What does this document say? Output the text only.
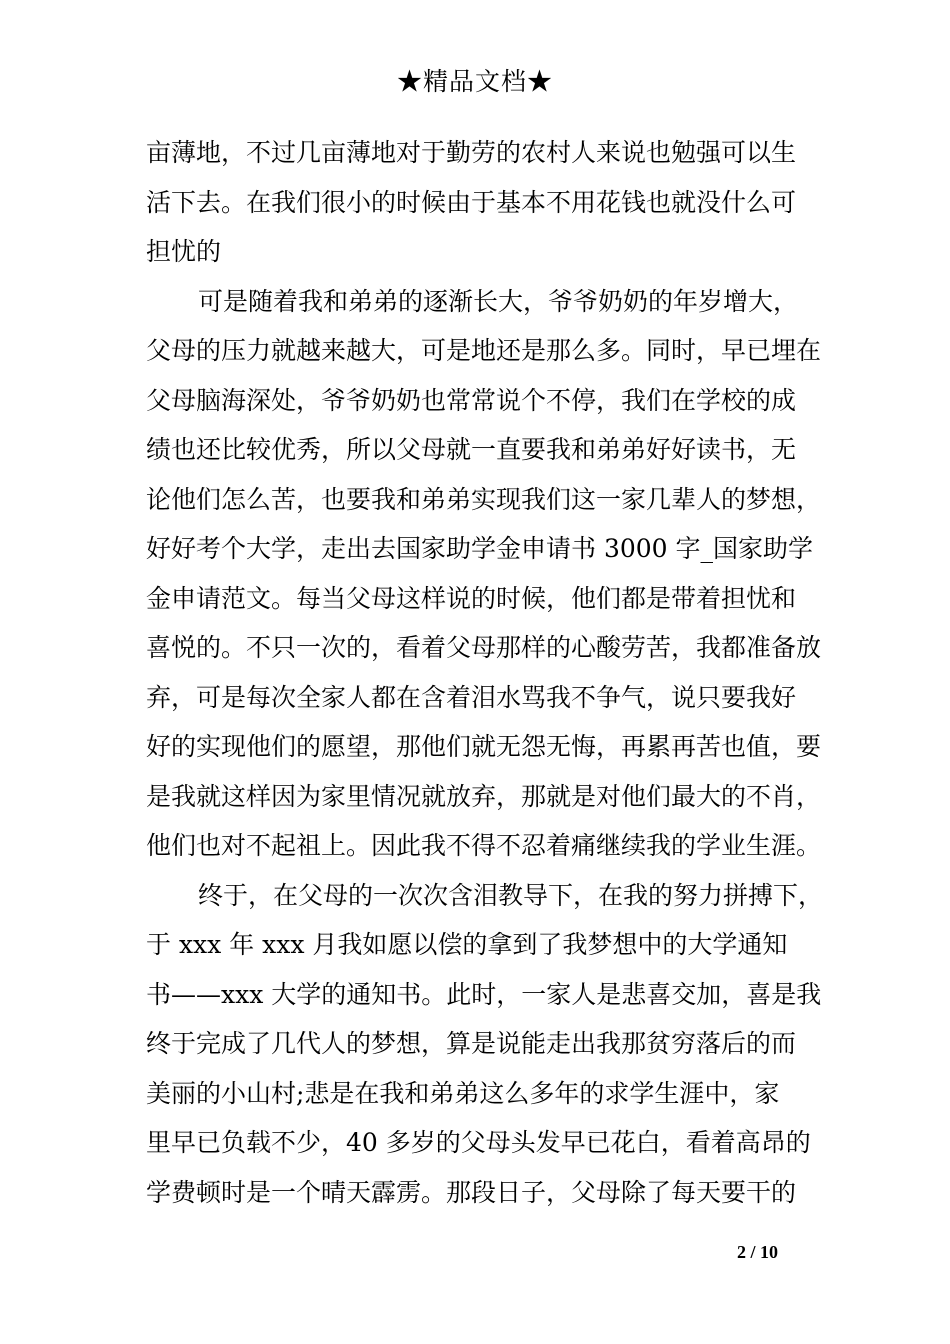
★精品文档★
亩薄地，不过几亩薄地对于勤劳的农村人来说也勉强可以生
活下去。在我们很小的时候由于基本不用花钱也就没什么可
担忧的
可是随着我和弟弟的逐渐长大，爷爷奶奶的年岁增大，
父母的压力就越来越大，可是地还是那么多。同时，早已埋在
父母脑海深处，爷爷奶奶也常常说个不停，我们在学校的成
绩也还比较优秀，所以父母就一直要我和弟弟好好读书，无
论他们怎么苦，也要我和弟弟实现我们这一家几辈人的梦想，
好好考个大学，走出去国家助学金申请书 3000 字_国家助学
金申请范文。每当父母这样说的时候，他们都是带着担忧和
喜悦的。不只一次的，看着父母那样的心酸劳苦，我都准备放
弃，可是每次全家人都在含着泪水骂我不争气，说只要我好
好的实现他们的愿望，那他们就无怨无悔，再累再苦也值，要
是我就这样因为家里情况就放弃，那就是对他们最大的不肖，
他们也对不起祖上。因此我不得不忍着痛继续我的学业生涯。
终于，在父母的一次次含泪教导下，在我的努力拼搏下，
于 xxx 年 xxx 月我如愿以偿的拿到了我梦想中的大学通知
书——xxx 大学的通知书。此时，一家人是悲喜交加，喜是我
终于完成了几代人的梦想，算是说能走出我那贫穷落后的而
美丽的小山村;悲是在我和弟弟这么多年的求学生涯中，家
里早已负载不少，40 多岁的父母头发早已花白，看着高昂的
学费顿时是一个晴天霹雳。那段日子，父母除了每天要干的
2 / 10
